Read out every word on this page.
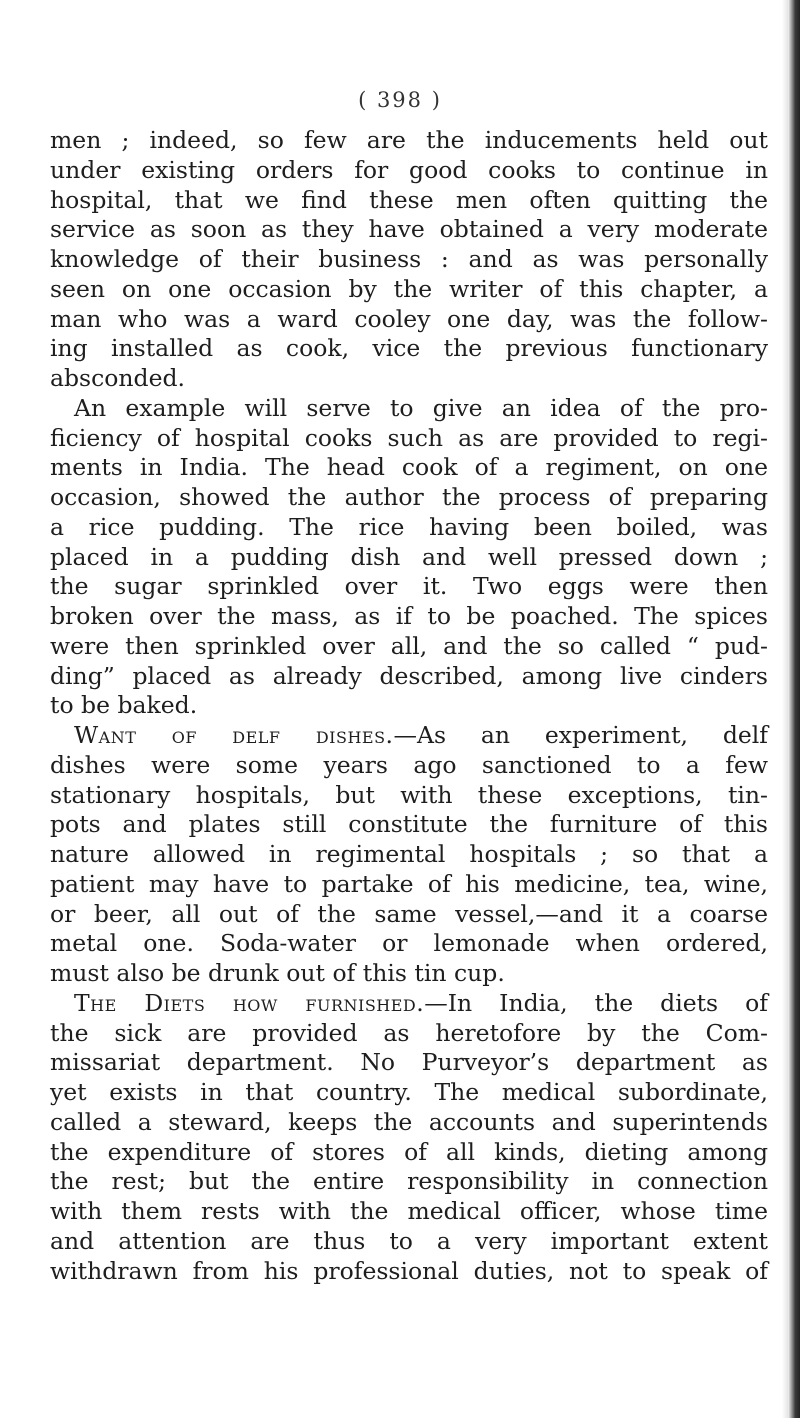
( 398 )
men ; indeed, so few are the inducements held out
under existing orders for good cooks to continue in
hospital, that we find these men often quitting the
service as soon as they have obtained a very moderate
knowledge of their business : and as was personally
seen on one occasion by the writer of this chapter, a
man who was a ward cooley one day, was the follow-
ing installed as cook, vice the previous functionary
absconded.
An example will serve to give an idea of the pro-
ficiency of hospital cooks such as are provided to regi-
ments in India. The head cook of a regiment, on one
occasion, showed the author the process of preparing
a rice pudding. The rice having been boiled, was
placed in a pudding dish and well pressed down ;
the sugar sprinkled over it. Two eggs were then
broken over the mass, as if to be poached. The spices
were then sprinkled over all, and the so called “ pud-
ding” placed as already described, among live cinders
to be baked.
Want of delf dishes.—As an experiment, delf
dishes were some years ago sanctioned to a few
stationary hospitals, but with these exceptions, tin-
pots and plates still constitute the furniture of this
nature allowed in regimental hospitals ; so that a
patient may have to partake of his medicine, tea, wine,
or beer, all out of the same vessel,—and it a coarse
metal one. Soda-water or lemonade when ordered,
must also be drunk out of this tin cup.
The Diets how furnished.—In India, the diets of
the sick are provided as heretofore by the Com-
missariat department. No Purveyor’s department as
yet exists in that country. The medical subordinate,
called a steward, keeps the accounts and superintends
the expenditure of stores of all kinds, dieting among
the rest; but the entire responsibility in connection
with them rests with the medical officer, whose time
and attention are thus to a very important extent
withdrawn from his professional duties, not to speak of
